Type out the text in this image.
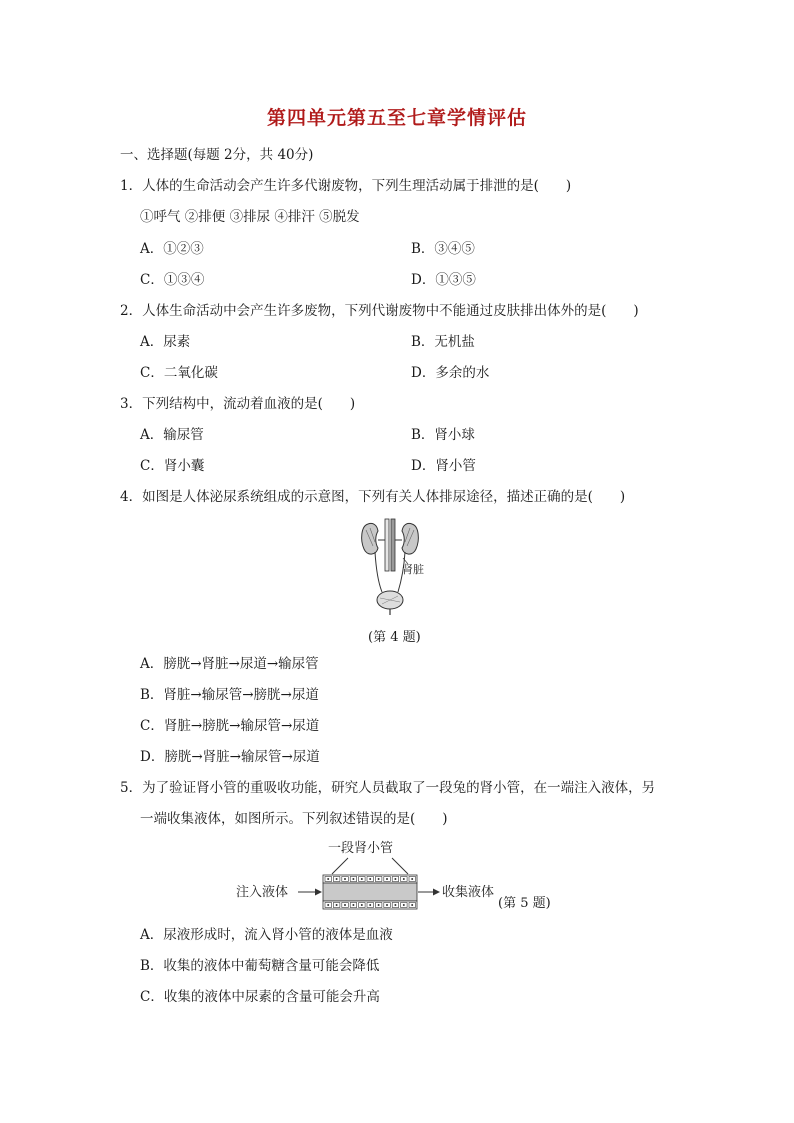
第四单元第五至七章学情评估
一、选择题(每题 2分，共 40分)
1．人体的生命活动会产生许多代谢废物，下列生理活动属于排泄的是(　　)
①呼气 ②排便 ③排尿 ④排汗 ⑤脱发
A．①②③	B．③④⑤
C．①③④	D．①③⑤
2．人体生命活动中会产生许多废物，下列代谢废物中不能通过皮肤排出体外的是(　　)
A．尿素	B．无机盐
C．二氧化碳	D．多余的水
3．下列结构中，流动着血液的是(　　)
A．输尿管	B．肾小球
C．肾小囊	D．肾小管
4．如图是人体泌尿系统组成的示意图，下列有关人体排尿途径，描述正确的是(　　)
肾脏
(第 4 题)
A．膀胱→肾脏→尿道→输尿管
B．肾脏→输尿管→膀胱→尿道
C．肾脏→膀胱→输尿管→尿道
D．膀胱→肾脏→输尿管→尿道
5．为了验证肾小管的重吸收功能，研究人员截取了一段兔的肾小管，在一端注入液体，另
一端收集液体，如图所示。下列叙述错误的是(　　)
一段肾小管
注入液体	收集液体
(第 5 题)
A．尿液形成时，流入肾小管的液体是血液
B．收集的液体中葡萄糖含量可能会降低
C．收集的液体中尿素的含量可能会升高
